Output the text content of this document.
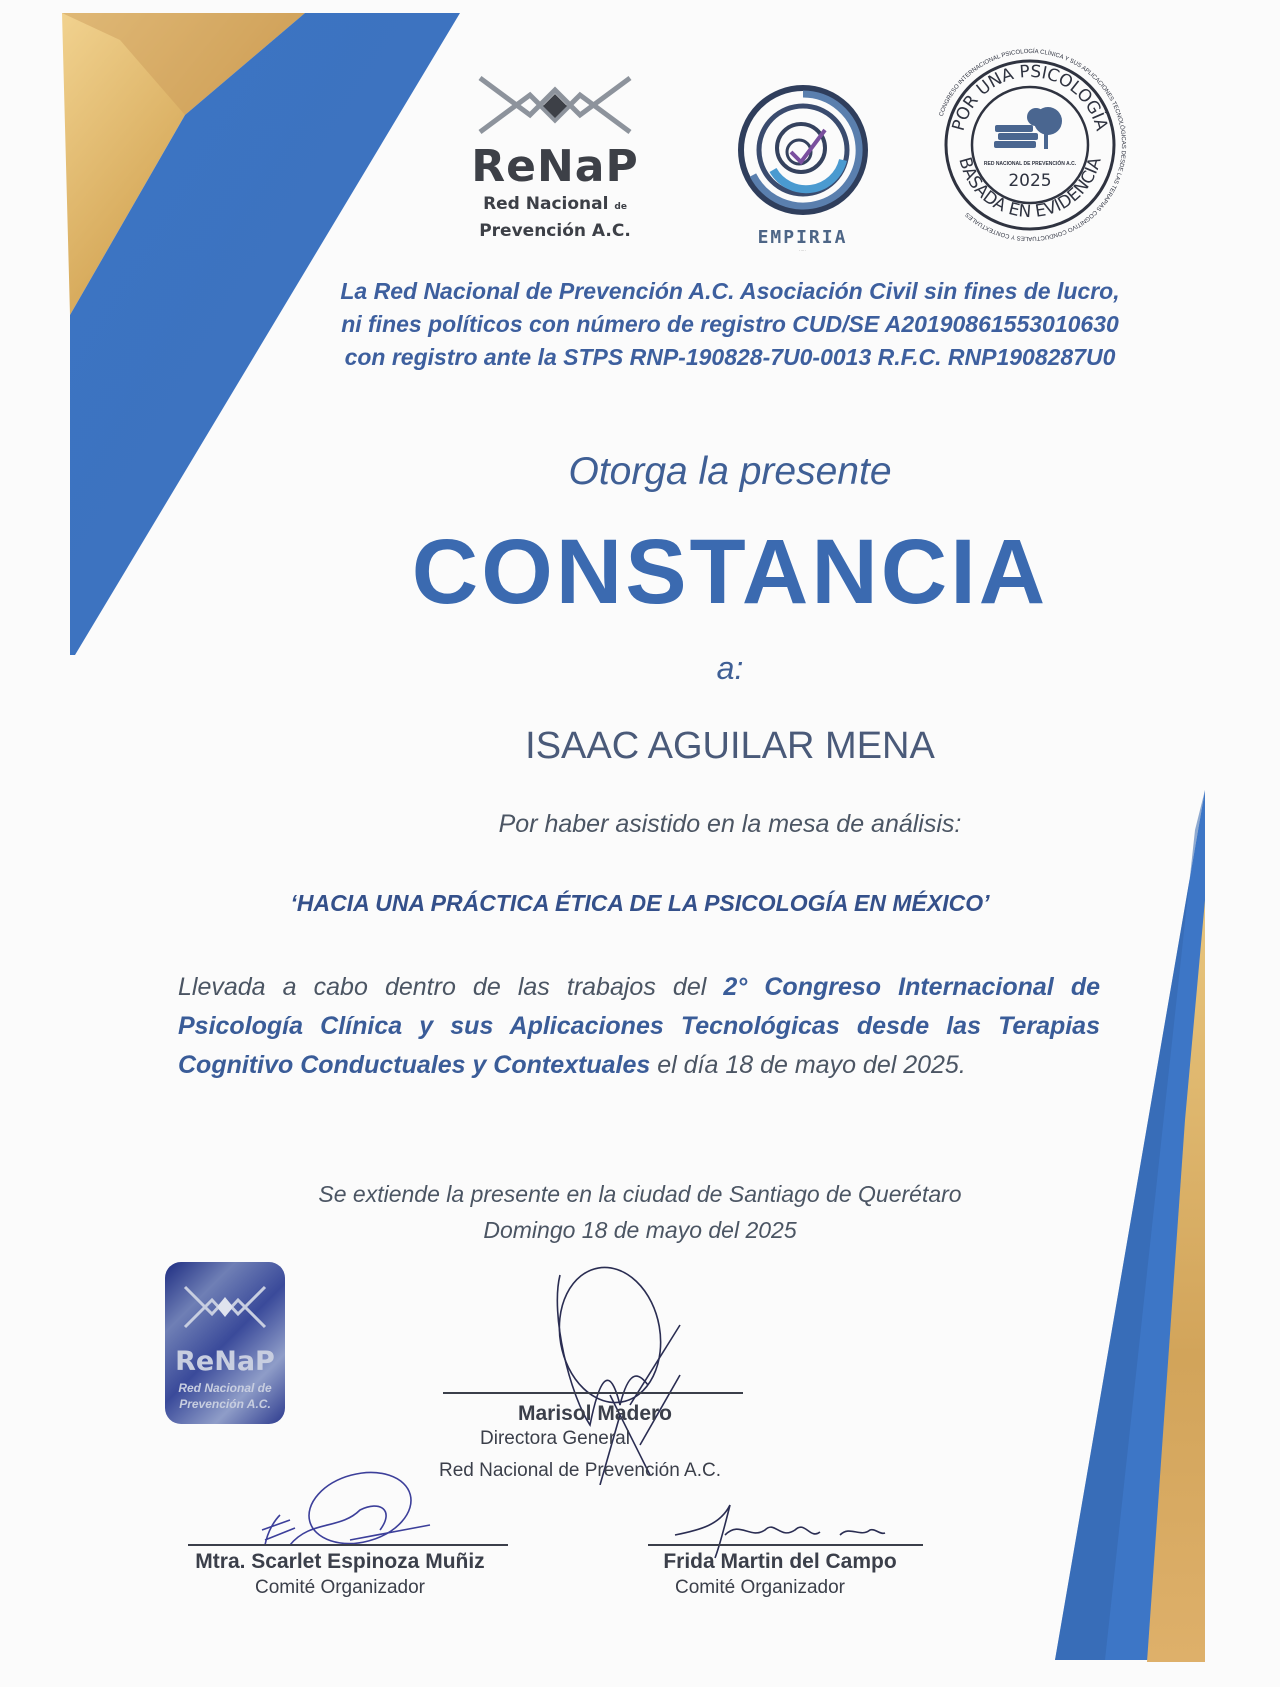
ReNaP
Red Nacional de
Prevención A.C.	EMPIRIA
·····
CONGRESO INTERNACIONAL PSICOLOGÍA CLÍNICA Y SUS APLICACIONES TECNOLÓGICAS DESDE LAS TERAPIAS COGNITIVO CONDUCTUALES Y CONTEXTUALES
POR UNA PSICOLOGÍA
BASADA EN EVIDENCIA
RED NACIONAL DE PREVENCIÓN A.C.
2025
La Red Nacional de Prevención A.C. Asociación Civil sin fines de lucro, ni fines políticos con número de registro CUD/SE A20190861553010630 con registro ante la STPS RNP-190828-7U0-0013 R.F.C. RNP1908287U0
Otorga la presente
CONSTANCIA
a:
ISAAC AGUILAR MENA
Por haber asistido en la mesa de análisis:
‘HACIA UNA PRÁCTICA ÉTICA DE LA PSICOLOGÍA EN MÉXICO’
Llevada a cabo dentro de las trabajos del 2° Congreso Internacional de Psicología Clínica y sus Aplicaciones Tecnológicas desde las Terapias Cognitivo Conductuales y Contextuales el día 18 de mayo del 2025.
Se extiende la presente en la ciudad de Santiago de Querétaro
Domingo 18 de mayo del 2025
ReNaP
Red Nacional de
Prevención A.C.	Marisol Madero
Directora General
Red Nacional de Prevención A.C.
Mtra. Scarlet Espinoza Muñiz
Comité Organizador
Frida Martin del Campo
Comité Organizador
